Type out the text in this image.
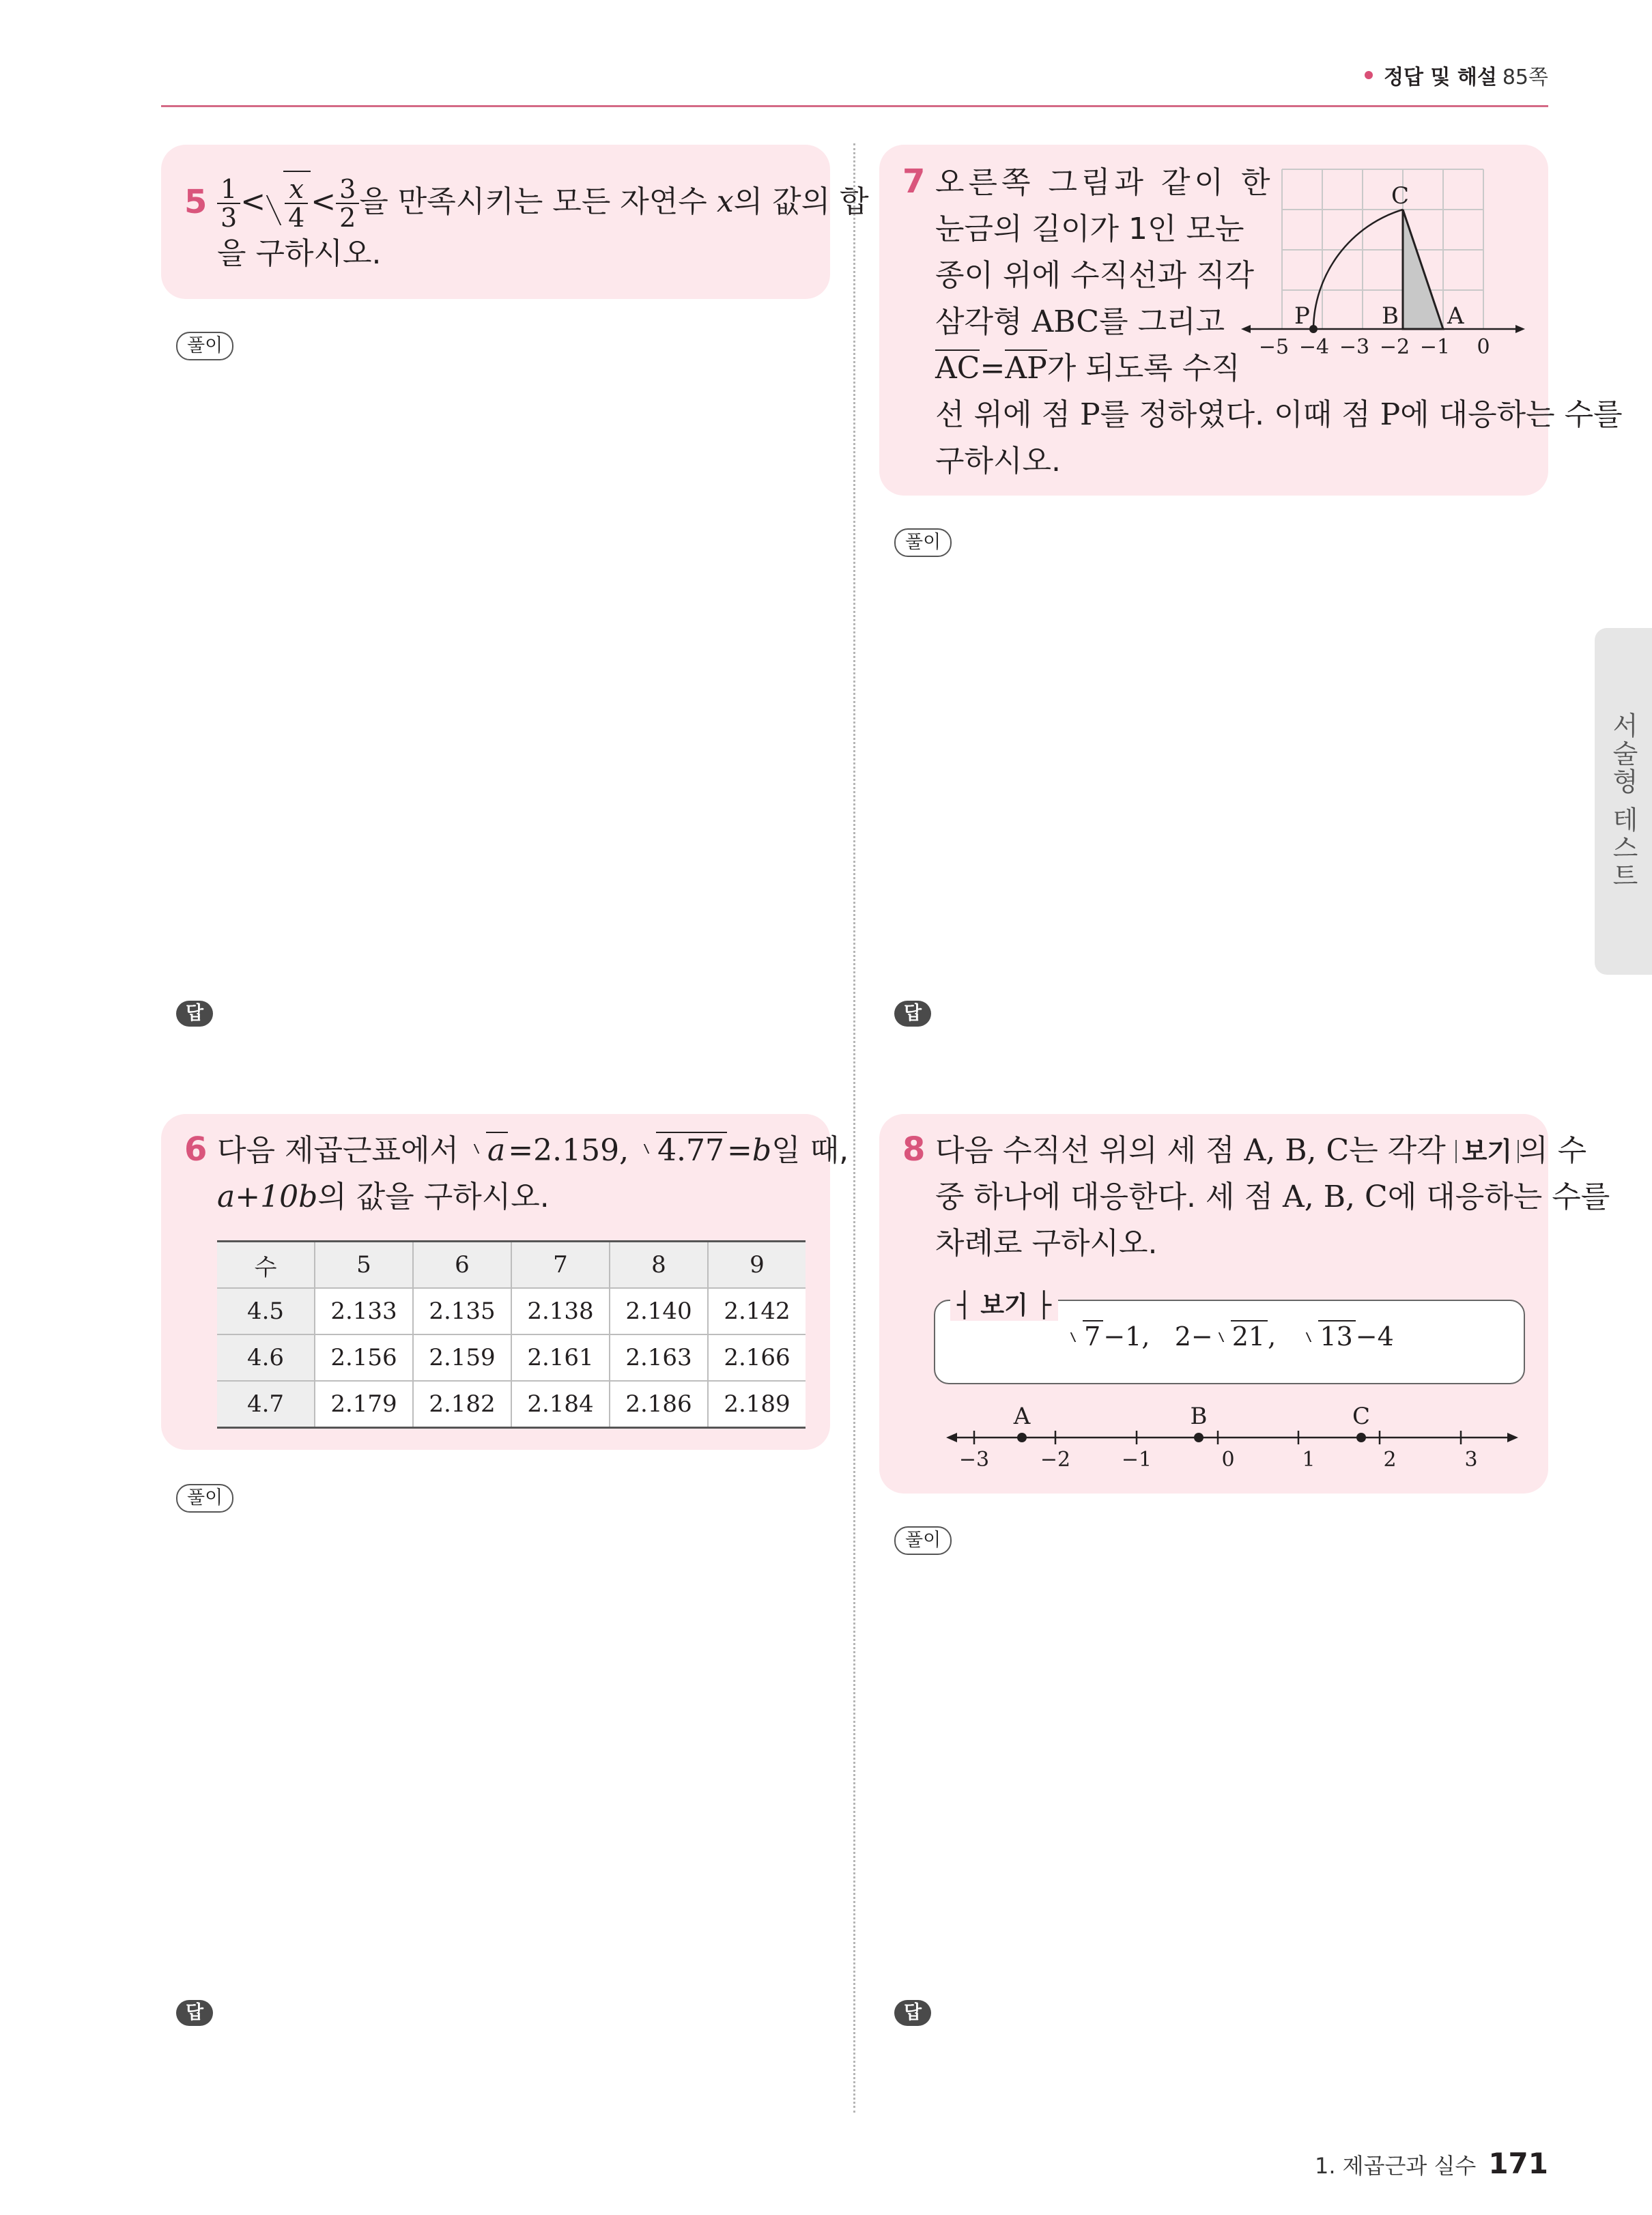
정답 및 해설 85쪽
서술형 테스트
$5 \frac{1}{3} < \frac{x}{4} < \frac{3}{2}$ 을 만족시키는 모든 자연수 x의 값의 합
을 구하시오.
풀이
답
7 오른쪽 그림과 같이 한
눈금의 길이가 1인 모눈
종이 위에 수직선과 직각
삼각형 ABC를 그리고
AC=AP가 되도록 수직
선 위에 점 P를 정하였다. 이때 점 P에 대응하는 수를
구하시오.
C
P	B A
−5 −4 −3 −2 −1 0
풀이
답
6 다음 제곱근표에서 a=2.159, 4.77=b일 때,
a+10b의 값을 구하시오.
수	5	6	7	8	9
4.5	2.133	2.135	2.138	2.140	2.142
4.6	2.156	2.159	2.161	2.163	2.166
4.7	2.179	2.182	2.184	2.186	2.189
풀이
답
8 다음 수직선 위의 세 점 A, B, C는 각각 보기 의 수
중 하나에 대응한다. 세 점 A, B, C에 대응하는 수를
차례로 구하시오.
┤ 보기 ├
7 −1, 2− 21 , 13 −4
A	B	C
−3 −2 −1	0	1	2	3
풀이
답
1. 제곱근과 실수 171
